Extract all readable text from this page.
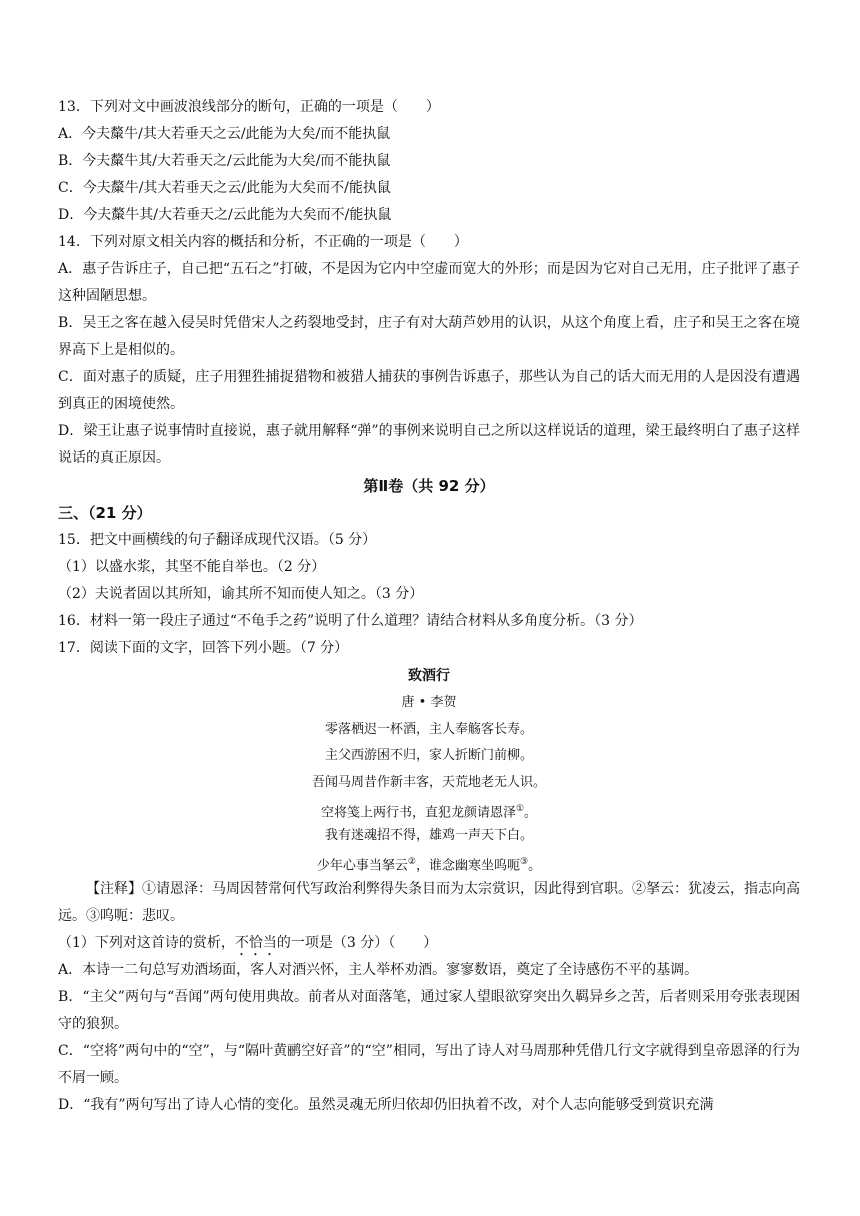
13．下列对文中画波浪线部分的断句，正确的一项是（　　）
A．今夫斄牛/其大若垂天之云/此能为大矣/而不能执鼠
B．今夫斄牛其/大若垂天之/云此能为大矣/而不能执鼠
C．今夫斄牛/其大若垂天之云/此能为大矣而不/能执鼠
D．今夫斄牛其/大若垂天之/云此能为大矣而不/能执鼠
14．下列对原文相关内容的概括和分析，不正确的一项是（　　）
A．惠子告诉庄子，自己把“五石之”打破，不是因为它内中空虚而宽大的外形；而是因为它对自己无用，庄子批评了惠子这种固陋思想。
B．吴王之客在越入侵吴时凭借宋人之药裂地受封，庄子有对大葫芦妙用的认识，从这个角度上看，庄子和吴王之客在境界高下上是相似的。
C．面对惠子的质疑，庄子用狸狌捕捉猎物和被猎人捕获的事例告诉惠子，那些认为自己的话大而无用的人是因没有遭遇到真正的困境使然。
D．梁王让惠子说事情时直接说，惠子就用解释“弹”的事例来说明自己之所以这样说话的道理，梁王最终明白了惠子这样说话的真正原因。
第Ⅱ卷（共 92 分）
三、（21 分）
15．把文中画横线的句子翻译成现代汉语。（5 分）
（1）以盛水浆，其坚不能自举也。（2 分）
（2）夫说者固以其所知，谕其所不知而使人知之。（3 分）
16．材料一第一段庄子通过“不龟手之药”说明了什么道理？请结合材料从多角度分析。（3 分）
17．阅读下面的文字，回答下列小题。（7 分）
致酒行
唐 • 李贺
零落栖迟一杯酒，主人奉觞客长寿。
主父西游困不归，家人折断门前柳。
吾闻马周昔作新丰客，天荒地老无人识。
空将笺上两行书，直犯龙颜请恩泽①。
我有迷魂招不得，雄鸡一声天下白。
少年心事当拏云②，谁念幽寒坐呜呃③。
【注释】①请恩泽：马周因替常何代写政治利弊得失条目而为太宗赏识，因此得到官职。②拏云：犹凌云，指志向高远。③呜呃：悲叹。
（1）下列对这首诗的赏析，不恰当的一项是（3 分）（　　）
A．本诗一二句总写劝酒场面，客人对酒兴怀，主人举杯劝酒。寥寥数语，奠定了全诗感伤不平的基调。
B．“主父”两句与“吾闻”两句使用典故。前者从对面落笔，通过家人望眼欲穿突出久羁异乡之苦，后者则采用夸张表现困守的狼狈。
C．“空将”两句中的“空”，与“隔叶黄鹂空好音”的“空”相同，写出了诗人对马周那种凭借几行文字就得到皇帝恩泽的行为不屑一顾。
D．“我有”两句写出了诗人心情的变化。虽然灵魂无所归依却仍旧执着不改，对个人志向能够受到赏识充满
